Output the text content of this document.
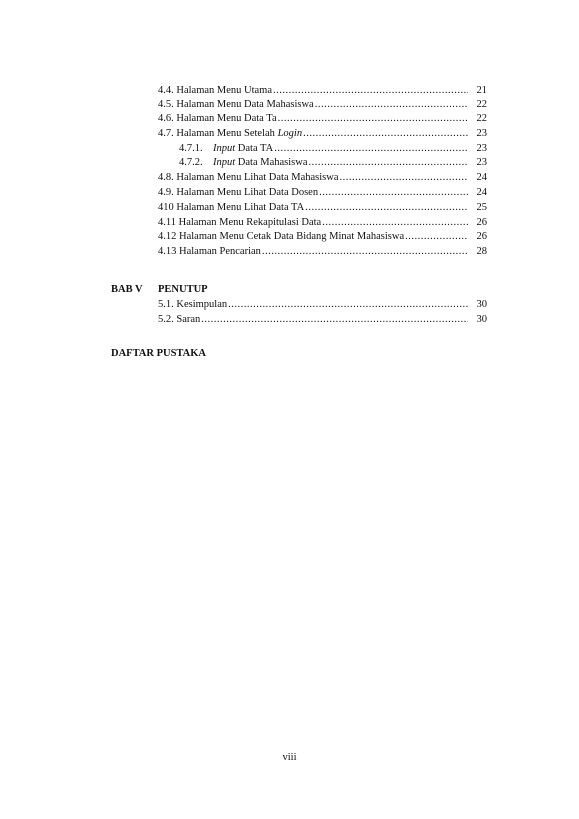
4.4. Halaman Menu Utama .....	21
4.5. Halaman Menu Data Mahasiswa .....	22
4.6. Halaman Menu Data Ta .....	22
4.7. Halaman Menu Setelah Login .....	23
4.7.1. Input Data TA .....	23
4.7.2. Input Data Mahasiswa .....	23
4.8. Halaman Menu Lihat Data Mahasiswa .....	24
4.9. Halaman Menu Lihat Data Dosen .....	24
410 Halaman Menu Lihat Data TA .....	25
4.11 Halaman Menu Rekapitulasi Data .....	26
4.12 Halaman Menu Cetak Data Bidang Minat Mahasiswa .....	26
4.13 Halaman Pencarian .....	28
BAB V PENUTUP
5.1. Kesimpulan .....	30
5.2. Saran .....	30
DAFTAR PUSTAKA
viii
